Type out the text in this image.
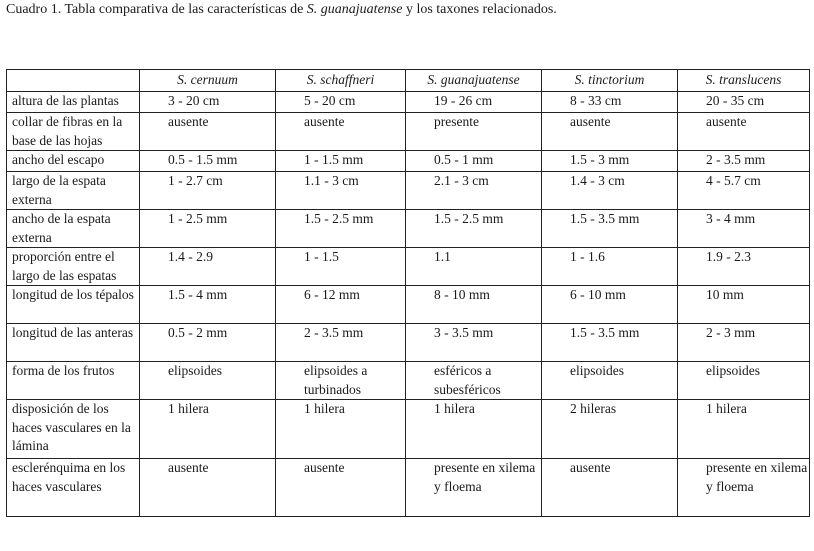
Cuadro 1. Tabla comparativa de las características de S. guanajuatense y los taxones relacionados.
	S. cernuum	S. schaffneri	S. guanajuatense	S. tinctorium	S. translucens
altura de las plantas	3 - 20 cm	5 - 20 cm	19 - 26 cm	8 - 33 cm	20 - 35 cm
collar de fibras en la base de las hojas	ausente	ausente	presente	ausente	ausente
ancho del escapo	0.5 - 1.5 mm	1 - 1.5 mm	0.5 - 1 mm	1.5 - 3 mm	2 - 3.5 mm
largo de la espata externa	1 - 2.7 cm	1.1 - 3 cm	2.1 - 3 cm	1.4 - 3 cm	4 - 5.7 cm
ancho de la espata externa	1 - 2.5 mm	1.5 - 2.5 mm	1.5 - 2.5 mm	1.5 - 3.5 mm	3 - 4 mm
proporción entre el largo de las espatas	1.4 - 2.9	1 - 1.5	1.1	1 - 1.6	1.9 - 2.3
longitud de los tépalos	1.5 - 4 mm	6 - 12 mm	8 - 10 mm	6 - 10 mm	10 mm
longitud de las anteras	0.5 - 2 mm	2 - 3.5 mm	3 - 3.5 mm	1.5 - 3.5 mm	2 - 3 mm
forma de los frutos	elipsoides	elipsoides a turbinados	esféricos a subesféricos	elipsoides	elipsoides
disposición de los haces vasculares en la lámina	1 hilera	1 hilera	1 hilera	2 hileras	1 hilera
esclerénquima en los haces vasculares	ausente	ausente	presente en xilema y floema	ausente	presente en xilema y floema
